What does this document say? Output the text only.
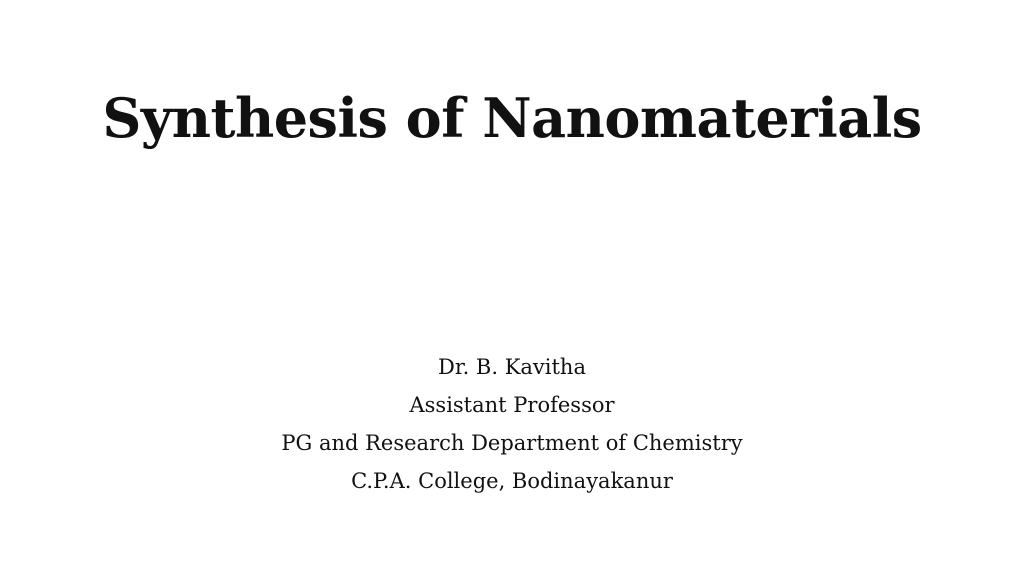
Synthesis of Nanomaterials
Dr. B. Kavitha
Assistant Professor
PG and Research Department of Chemistry
C.P.A. College, Bodinayakanur
